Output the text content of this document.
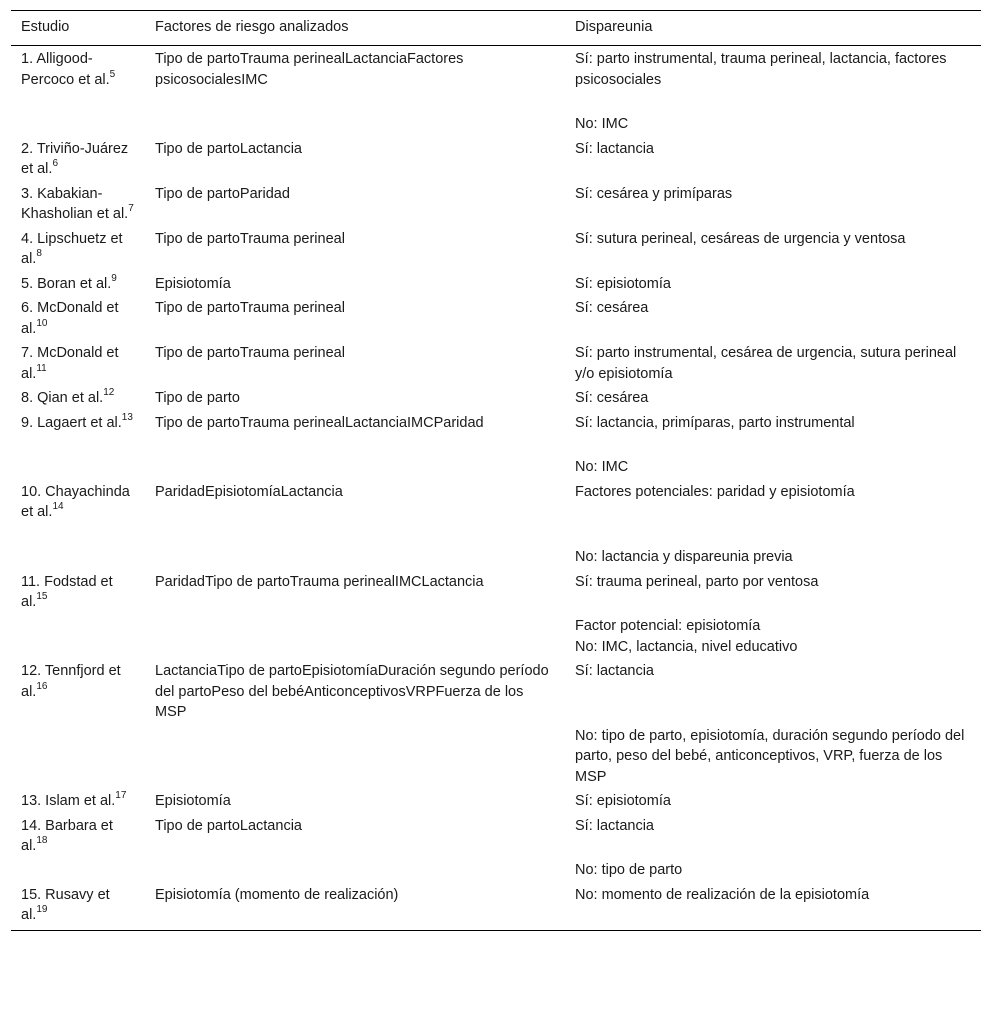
Estudio	Factores de riesgo analizados	Dispareunia
1. Alligood-Percoco et al.$^5$	Tipo de partoTrauma perinealLactanciaFactores psicosocialesIMC	Sí: parto instrumental, trauma perineal, lactancia, factores psicosociales
No: IMC

2. Triviño-Juárez et al.$^6$	Tipo de partoLactancia	Sí: lactancia

3. Kabakian-Khasholian et al.$^7$	Tipo de partoParidad	Sí: cesárea y primíparas

4. Lipschuetz et al.$^8$	Tipo de partoTrauma perineal	Sí: sutura perineal, cesáreas de urgencia y ventosa

5. Boran et al.$^9$	Episiotomía	Sí: episiotomía

6. McDonald et al.$^{10}$	Tipo de partoTrauma perineal	Sí: cesárea

7. McDonald et al.$^{11}$	Tipo de partoTrauma perineal	Sí: parto instrumental, cesárea de urgencia, sutura perineal y/o episiotomía

8. Qian et al.$^{12}$	Tipo de parto	Sí: cesárea

9. Lagaert et al.$^{13}$	Tipo de partoTrauma perinealLactanciaIMCParidad	Sí: lactancia, primíparas, parto instrumental
No: IMC

10. Chayachinda et al.$^{14}$	ParidadEpisiotomíaLactancia	Factores potenciales: paridad y episiotomía
No: lactancia y dispareunia previa

11. Fodstad et al.$^{15}$	ParidadTipo de partoTrauma perinealIMCLactancia	Sí: trauma perineal, parto por ventosa
Factor potencial: episiotomía
No: IMC, lactancia, nivel educativo

12. Tennfjord et al.$^{16}$	LactanciaTipo de partoEpisiotomíaDuración segundo período del partoPeso del bebéAnticonceptivosVRPFuerza de los MSP	Sí: lactancia
No: tipo de parto, episiotomía, duración segundo período del parto, peso del bebé, anticonceptivos, VRP, fuerza de los MSP

13. Islam et al.$^{17}$	Episiotomía	Sí: episiotomía

14. Barbara et al.$^{18}$	Tipo de partoLactancia	Sí: lactancia
No: tipo de parto

15. Rusavy et al.$^{19}$	Episiotomía (momento de realización)	No: momento de realización de la episiotomía
